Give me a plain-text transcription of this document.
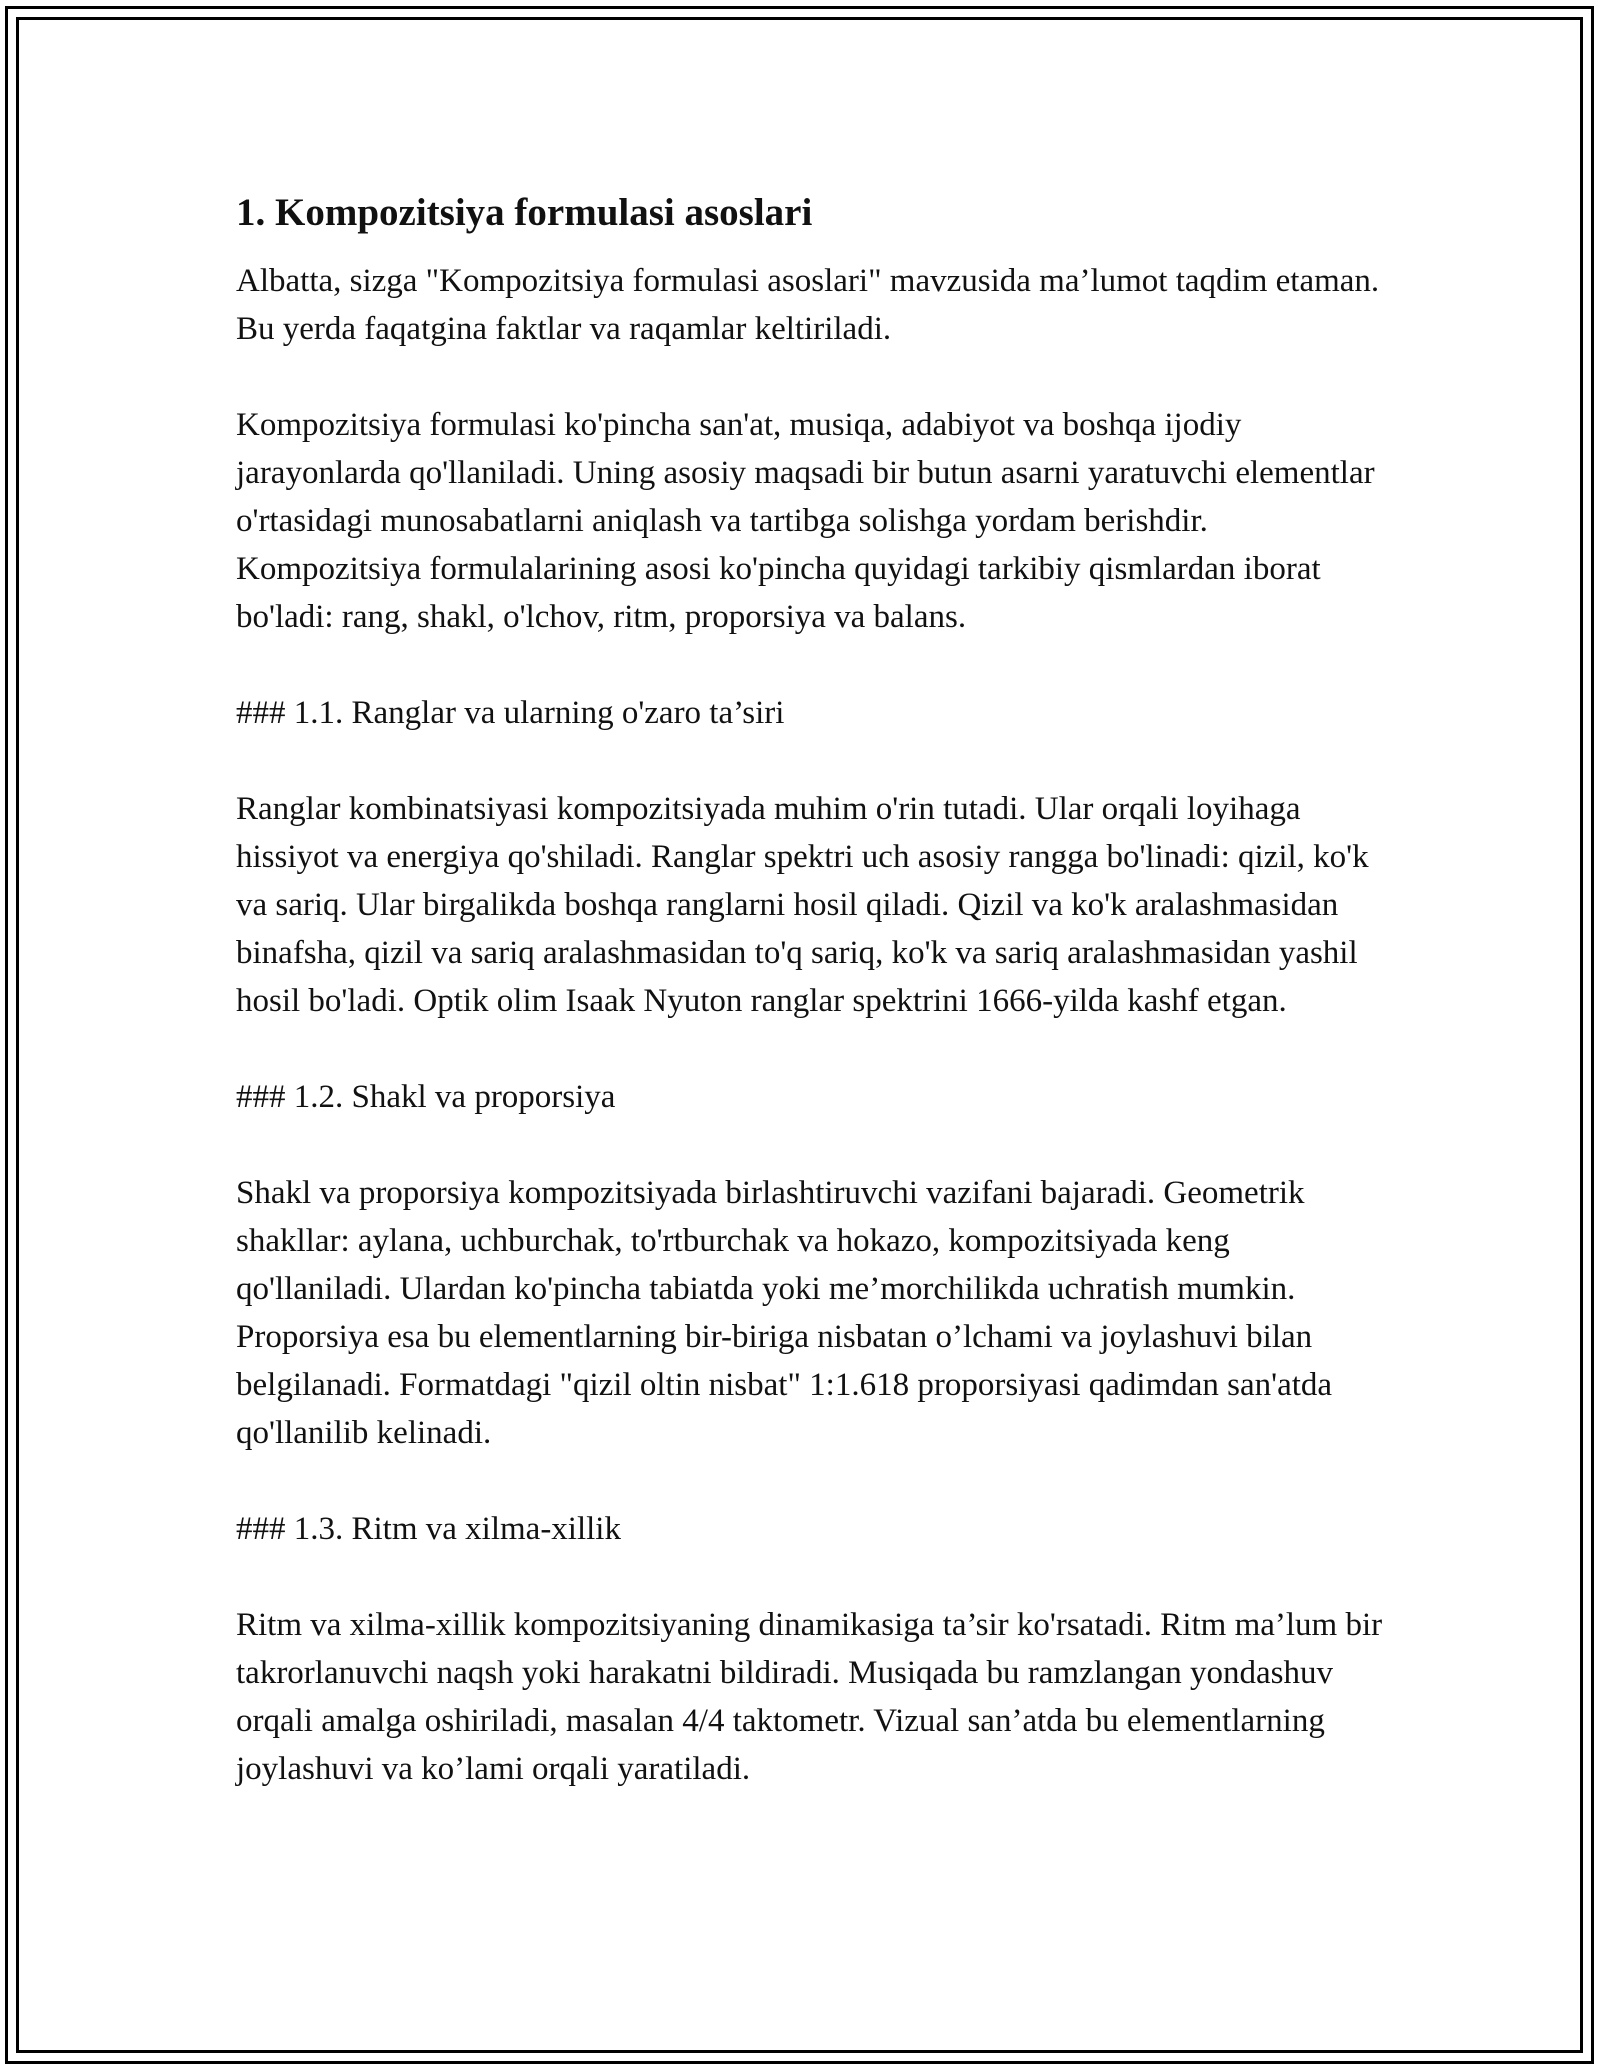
1. Kompozitsiya formulasi asoslari

Albatta, sizga "Kompozitsiya formulasi asoslari" mavzusida ma’lumot taqdim etaman. Bu yerda faqatgina faktlar va raqamlar keltiriladi.

Kompozitsiya formulasi ko'pincha san'at, musiqa, adabiyot va boshqa ijodiy jarayonlarda qo'llaniladi. Uning asosiy maqsadi bir butun asarni yaratuvchi elementlar o'rtasidagi munosabatlarni aniqlash va tartibga solishga yordam berishdir. Kompozitsiya formulalarining asosi ko'pincha quyidagi tarkibiy qismlardan iborat bo'ladi: rang, shakl, o'lchov, ritm, proporsiya va balans.

### 1.1. Ranglar va ularning o'zaro ta’siri

Ranglar kombinatsiyasi kompozitsiyada muhim o'rin tutadi. Ular orqali loyihaga hissiyot va energiya qo'shiladi. Ranglar spektri uch asosiy rangga bo'linadi: qizil, ko'k va sariq. Ular birgalikda boshqa ranglarni hosil qiladi. Qizil va ko'k aralashmasidan binafsha, qizil va sariq aralashmasidan to'q sariq, ko'k va sariq aralashmasidan yashil hosil bo'ladi. Optik olim Isaak Nyuton ranglar spektrini 1666-yilda kashf etgan.

### 1.2. Shakl va proporsiya

Shakl va proporsiya kompozitsiyada birlashtiruvchi vazifani bajaradi. Geometrik shakllar: aylana, uchburchak, to'rtburchak va hokazo, kompozitsiyada keng qo'llaniladi. Ulardan ko'pincha tabiatda yoki me’morchilikda uchratish mumkin. Proporsiya esa bu elementlarning bir-biriga nisbatan o’lchami va joylashuvi bilan belgilanadi. Formatdagi "qizil oltin nisbat" 1:1.618 proporsiyasi qadimdan san'atda qo'llanilib kelinadi.

### 1.3. Ritm va xilma-xillik

Ritm va xilma-xillik kompozitsiyaning dinamikasiga ta’sir ko'rsatadi. Ritm ma’lum bir takrorlanuvchi naqsh yoki harakatni bildiradi. Musiqada bu ramzlangan yondashuv orqali amalga oshiriladi, masalan 4/4 taktometr. Vizual san’atda bu elementlarning joylashuvi va ko’lami orqali yaratiladi.
